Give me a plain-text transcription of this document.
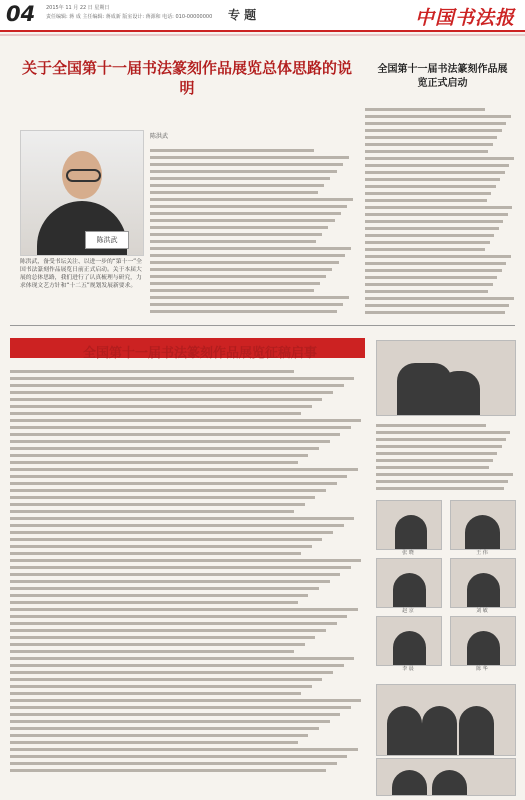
04 2015年 11 月 22 日 星期日
责任编辑: 蒋 成 主任编辑: 蒋成新 版室设计: 蒋源和 电话: 010-00000000 专 题	中国书法报
关于全国第十一届书法篆刻作品展览总体思路的说明
陈洪武
陈洪武，备受书坛关注、以进一步的“第十一”全国书法篆刻作品展览日前正式启动。关于本届大展的总体思路，我们进行了认真梳理与研究，力求体现文艺方针和“十二五”规划发展新要求。
陈洪武
全国第十一届书法篆刻作品展览正式启动
全国第十一届书法篆刻作品展览征稿启事
张 晓	王 伟
赵 京	刘 敏
李 晨	陈 华
